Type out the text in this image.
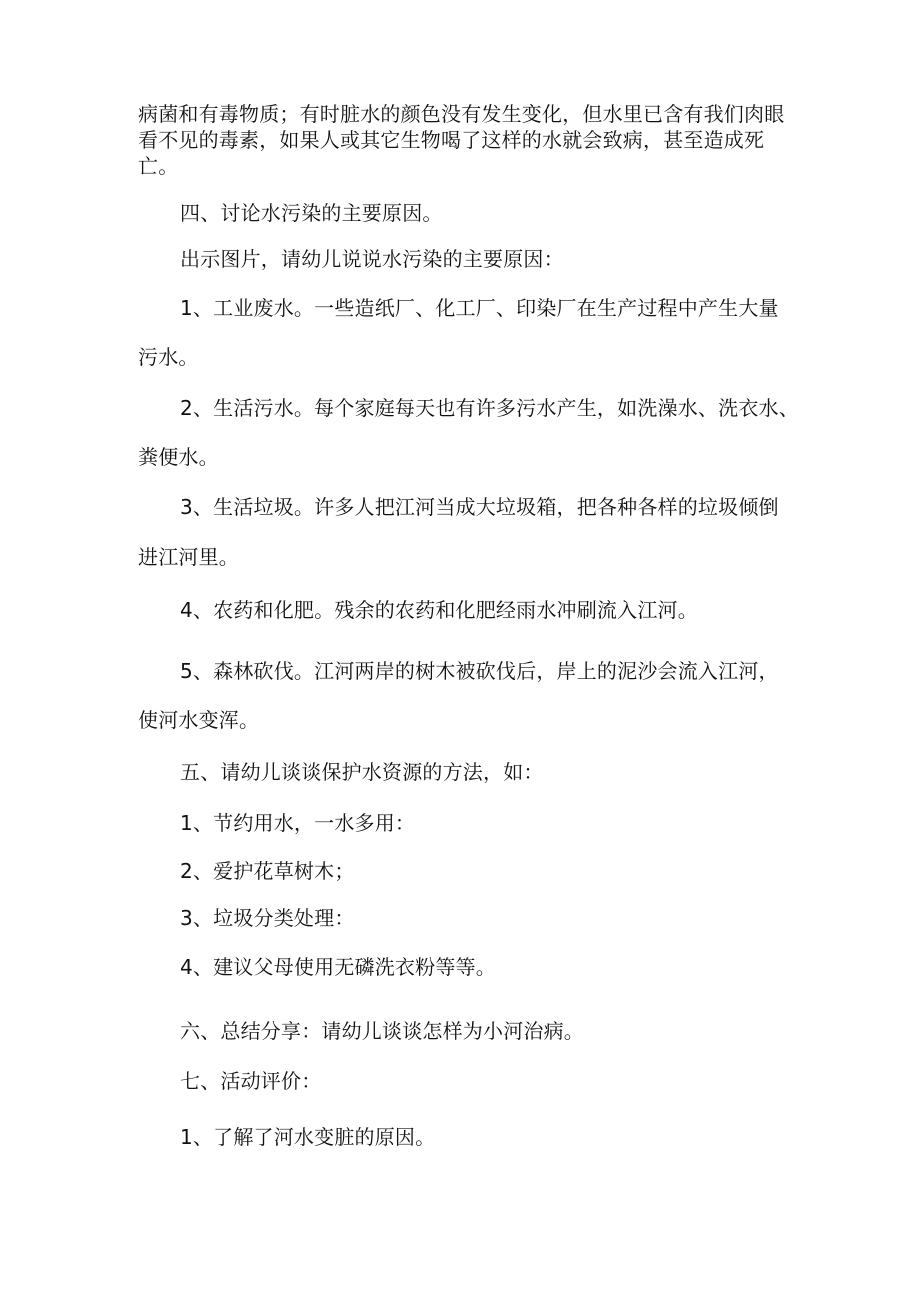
病菌和有毒物质；有时脏水的颜色没有发生变化，但水里已含有我们肉眼
看不见的毒素，如果人或其它生物喝了这样的水就会致病，甚至造成死
亡。
四、讨论水污染的主要原因。
出示图片，请幼儿说说水污染的主要原因：
1、工业废水。一些造纸厂、化工厂、印染厂在生产过程中产生大量
污水。
2、生活污水。每个家庭每天也有许多污水产生，如洗澡水、洗衣水、
粪便水。
3、生活垃圾。许多人把江河当成大垃圾箱，把各种各样的垃圾倾倒
进江河里。
4、农药和化肥。残余的农药和化肥经雨水冲刷流入江河。
5、森林砍伐。江河两岸的树木被砍伐后，岸上的泥沙会流入江河，
使河水变浑。
五、请幼儿谈谈保护水资源的方法，如：
1、节约用水，一水多用：
2、爱护花草树木；
3、垃圾分类处理：
4、建议父母使用无磷洗衣粉等等。
六、总结分享：请幼儿谈谈怎样为小河治病。
七、活动评价：
1、了解了河水变脏的原因。
